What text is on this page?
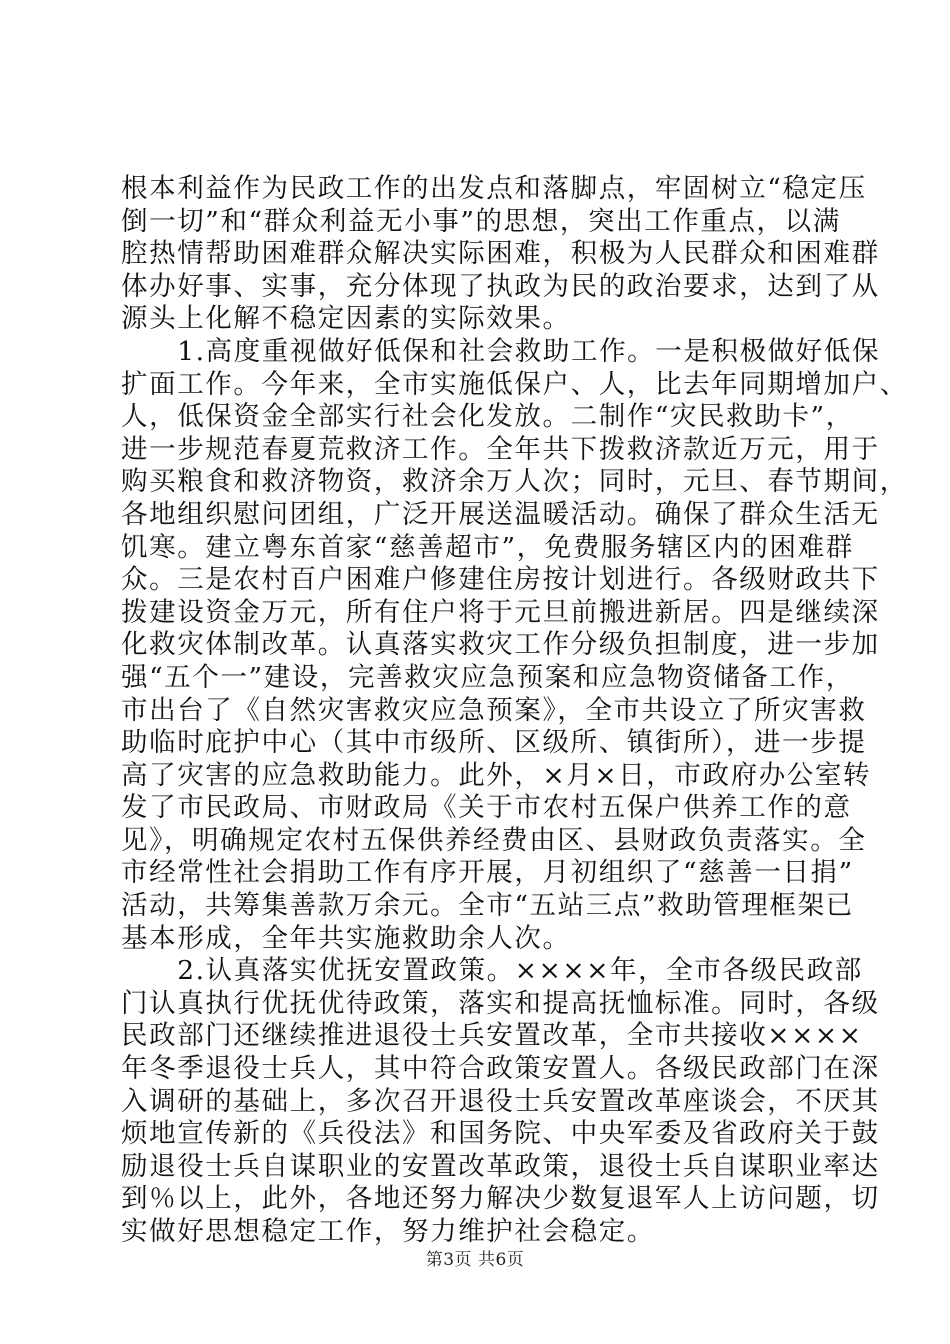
根本利益作为民政工作的出发点和落脚点，牢固树立“稳定压
倒一切”和“群众利益无小事”的思想，突出工作重点，以满
腔热情帮助困难群众解决实际困难，积极为人民群众和困难群
体办好事、实事，充分体现了执政为民的政治要求，达到了从
源头上化解不稳定因素的实际效果。
　　1.高度重视做好低保和社会救助工作。一是积极做好低保
扩面工作。今年来，全市实施低保户、人，比去年同期增加户、
人，低保资金全部实行社会化发放。二制作“灾民救助卡”，
进一步规范春夏荒救济工作。全年共下拨救济款近万元，用于
购买粮食和救济物资，救济余万人次；同时，元旦、春节期间，
各地组织慰问团组，广泛开展送温暖活动。确保了群众生活无
饥寒。建立粤东首家“慈善超市”，免费服务辖区内的困难群
众。三是农村百户困难户修建住房按计划进行。各级财政共下
拨建设资金万元，所有住户将于元旦前搬进新居。四是继续深
化救灾体制改革。认真落实救灾工作分级负担制度，进一步加
强“五个一”建设，完善救灾应急预案和应急物资储备工作，
市出台了《自然灾害救灾应急预案》，全市共设立了所灾害救
助临时庇护中心（其中市级所、区级所、镇街所），进一步提
高了灾害的应急救助能力。此外，×月×日，市政府办公室转
发了市民政局、市财政局《关于市农村五保户供养工作的意
见》，明确规定农村五保供养经费由区、县财政负责落实。全
市经常性社会捐助工作有序开展，月初组织了“慈善一日捐”
活动，共筹集善款万余元。全市“五站三点”救助管理框架已
基本形成，全年共实施救助余人次。
　　2.认真落实优抚安置政策。××××年，全市各级民政部
门认真执行优抚优待政策，落实和提高抚恤标准。同时，各级
民政部门还继续推进退役士兵安置改革，全市共接收××××
年冬季退役士兵人，其中符合政策安置人。各级民政部门在深
入调研的基础上，多次召开退役士兵安置改革座谈会，不厌其
烦地宣传新的《兵役法》和国务院、中央军委及省政府关于鼓
励退役士兵自谋职业的安置改革政策，退役士兵自谋职业率达
到％以上，此外，各地还努力解决少数复退军人上访问题，切
实做好思想稳定工作，努力维护社会稳定。
第3页 共6页
